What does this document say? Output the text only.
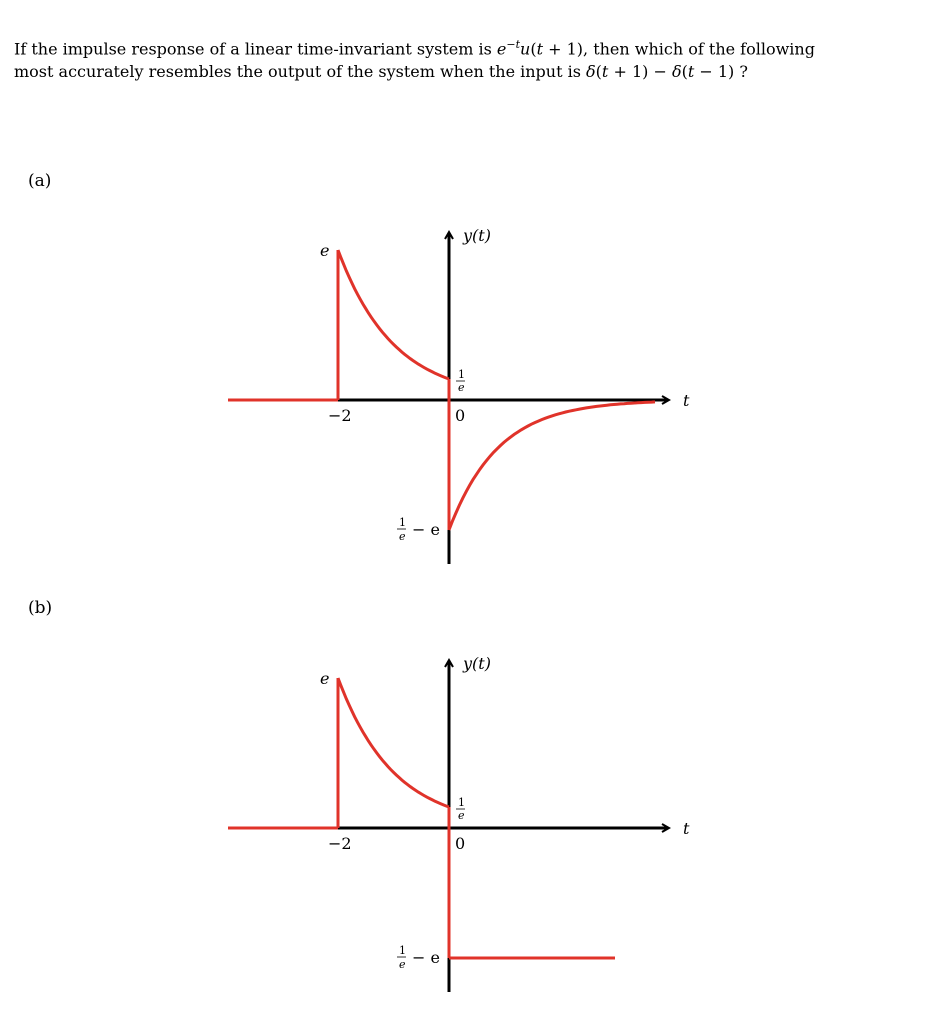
If the impulse response of a linear time-invariant system is $e^{-t}u(t + 1)$, then which of the following
most accurately resembles the output of the system when the input is δ(t + 1) − δ(t − 1) ?
(a)
(b)
y(t)
t
−2	0
e
1
e
1
e − e
y(t)
t
−2	0
e
1
e
1
e − e
